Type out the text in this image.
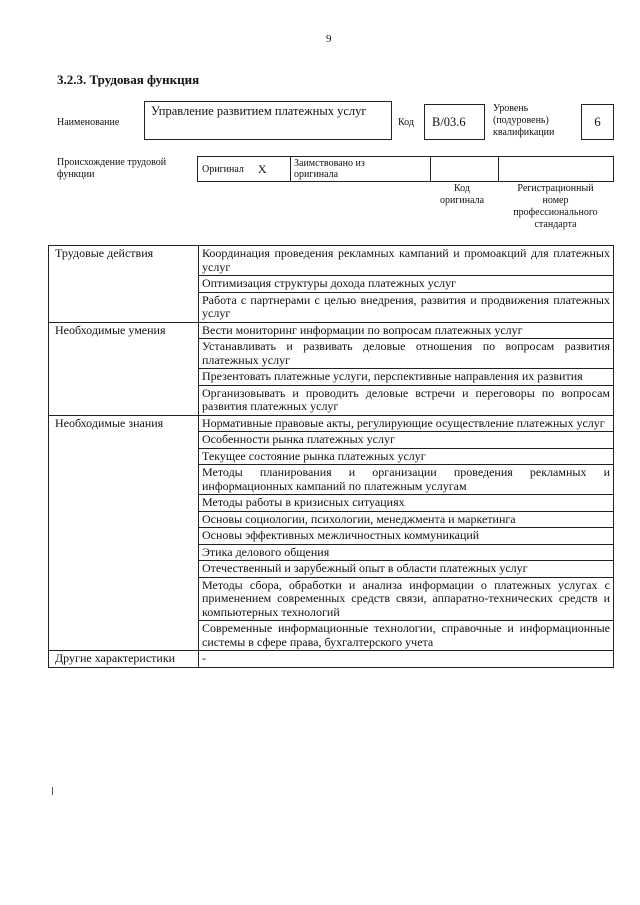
9
3.2.3. Трудовая функция
Наименование
Управление развитием платежных услуг
Код	B/03.6
Уровень
(подуровень)
квалификации
6
Происхождение трудовой
функции	Оригинал X	Заимствовано из
оригинала
Код
оригинала
Регистрационный
номер
профессионального
стандарта
Трудовые действия	Координация проведения рекламных кампаний и промоакций для платежных услуг
	Оптимизация структуры дохода платежных услуг
	Работа с партнерами с целью внедрения, развития и продвижения платежных услуг
Необходимые умения	Вести мониторинг информации по вопросам платежных услуг
	Устанавливать и развивать деловые отношения по вопросам развития платежных услуг
	Презентовать платежные услуги, перспективные направления их развития
	Организовывать и проводить деловые встречи и переговоры по вопросам развития платежных услуг
Необходимые знания	Нормативные правовые акты, регулирующие осуществление платежных услуг
	Особенности рынка платежных услуг
	Текущее состояние рынка платежных услуг
	Методы планирования и организации проведения рекламных и информационных кампаний по платежным услугам
	Методы работы в кризисных ситуациях
	Основы социологии, психологии, менеджмента и маркетинга
	Основы эффективных межличностных коммуникаций
	Этика делового общения
	Отечественный и зарубежный опыт в области платежных услуг
	Методы сбора, обработки и анализа информации о платежных услугах с применением современных средств связи, аппаратно-технических средств и компьютерных технологий
	Современные информационные технологии, справочные и информационные системы в сфере права, бухгалтерского учета
Другие характеристики	-
